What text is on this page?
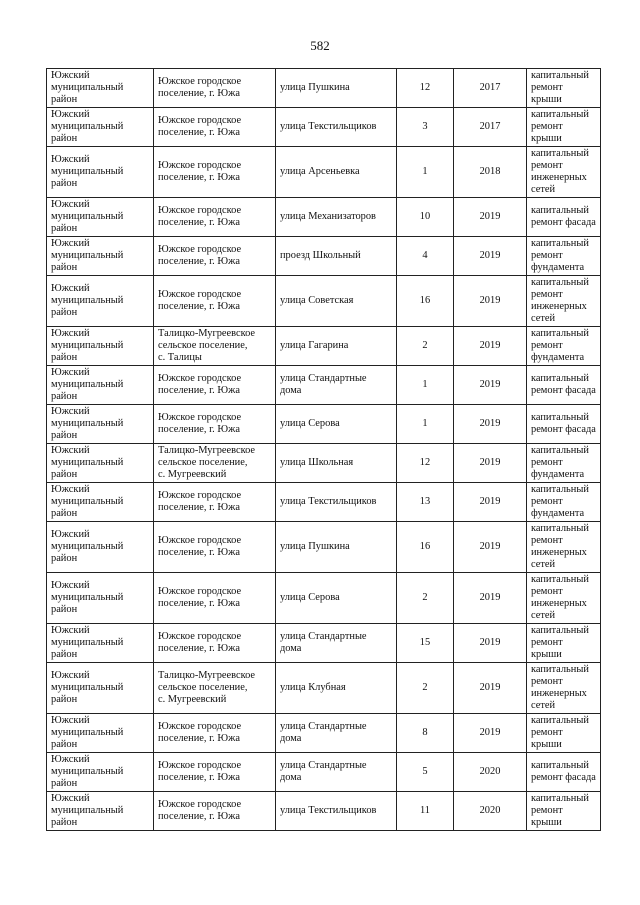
582
Южский
муниципальный
район	Южское городское
поселение, г. Южа	улица Пушкина	12	2017	капитальный
ремонт крыши

Южский
муниципальный
район	Южское городское
поселение, г. Южа	улица Текстильщиков	3	2017	капитальный
ремонт крыши

Южский
муниципальный
район	Южское городское
поселение, г. Южа	улица Арсеньевка	1	2018	капитальный
ремонт
инженерных
сетей

Южский
муниципальный
район	Южское городское
поселение, г. Южа	улица Механизаторов	10	2019	капитальный
ремонт фасада

Южский
муниципальный
район	Южское городское
поселение, г. Южа	проезд Школьный	4	2019	капитальный
ремонт
фундамента

Южский
муниципальный
район	Южское городское
поселение, г. Южа	улица Советская	16	2019	капитальный
ремонт
инженерных
сетей

Южский
муниципальный
район	Талицко-Мугреевское
сельское поселение,
с. Талицы	улица Гагарина	2	2019	капитальный
ремонт
фундамента

Южский
муниципальный
район	Южское городское
поселение, г. Южа	улица Стандартные
дома	1	2019	капитальный
ремонт фасада

Южский
муниципальный
район	Южское городское
поселение, г. Южа	улица Серова	1	2019	капитальный
ремонт фасада

Южский
муниципальный
район	Талицко-Мугреевское
сельское поселение,
с. Мугреевский	улица Школьная	12	2019	капитальный
ремонт
фундамента

Южский
муниципальный
район	Южское городское
поселение, г. Южа	улица Текстильщиков	13	2019	капитальный
ремонт
фундамента

Южский
муниципальный
район	Южское городское
поселение, г. Южа	улица Пушкина	16	2019	капитальный
ремонт
инженерных
сетей

Южский
муниципальный
район	Южское городское
поселение, г. Южа	улица Серова	2	2019	капитальный
ремонт
инженерных
сетей

Южский
муниципальный
район	Южское городское
поселение, г. Южа	улица Стандартные
дома	15	2019	капитальный
ремонт крыши

Южский
муниципальный
район	Талицко-Мугреевское
сельское поселение,
с. Мугреевский	улица Клубная	2	2019	капитальный
ремонт
инженерных
сетей

Южский
муниципальный
район	Южское городское
поселение, г. Южа	улица Стандартные
дома	8	2019	капитальный
ремонт крыши

Южский
муниципальный
район	Южское городское
поселение, г. Южа	улица Стандартные
дома	5	2020	капитальный
ремонт фасада

Южский
муниципальный
район	Южское городское
поселение, г. Южа	улица Текстильщиков	11	2020	капитальный
ремонт крыши
